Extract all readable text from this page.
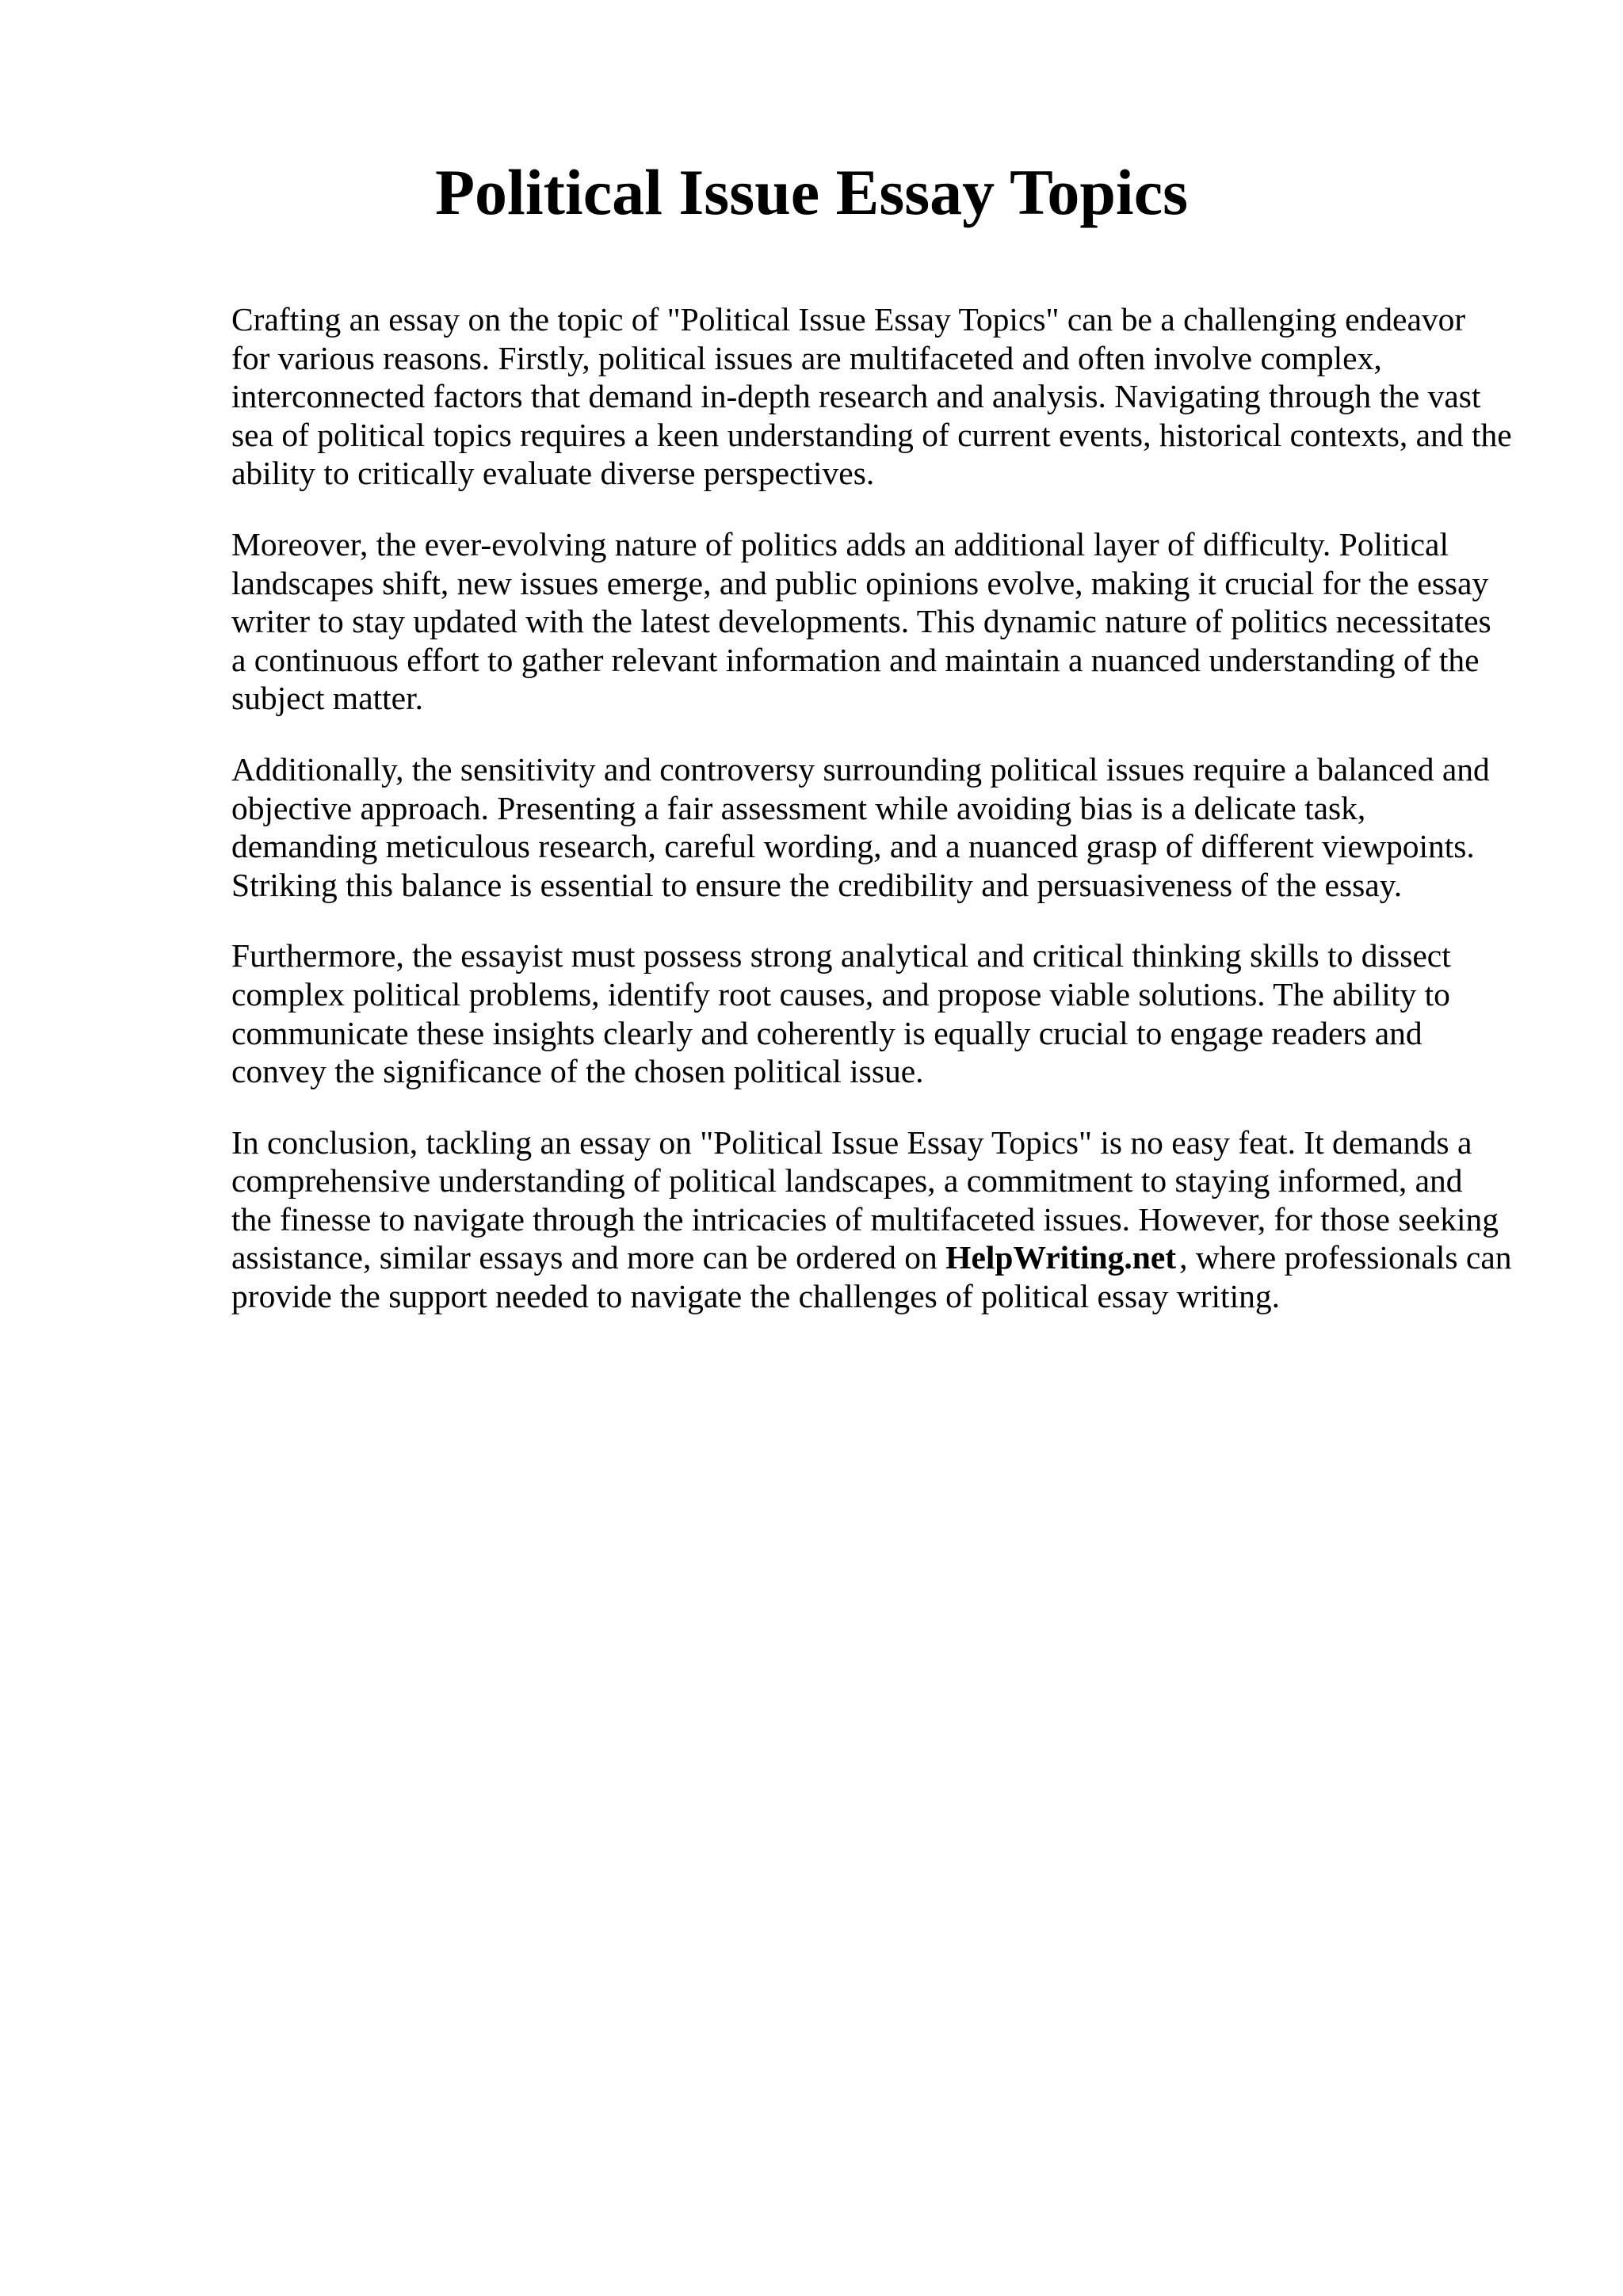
Political Issue Essay Topics

Crafting an essay on the topic of "Political Issue Essay Topics" can be a challenging endeavor
for various reasons. Firstly, political issues are multifaceted and often involve complex,
interconnected factors that demand in-depth research and analysis. Navigating through the vast
sea of political topics requires a keen understanding of current events, historical contexts, and the
ability to critically evaluate diverse perspectives.

Moreover, the ever-evolving nature of politics adds an additional layer of difficulty. Political
landscapes shift, new issues emerge, and public opinions evolve, making it crucial for the essay
writer to stay updated with the latest developments. This dynamic nature of politics necessitates
a continuous effort to gather relevant information and maintain a nuanced understanding of the
subject matter.

Additionally, the sensitivity and controversy surrounding political issues require a balanced and
objective approach. Presenting a fair assessment while avoiding bias is a delicate task,
demanding meticulous research, careful wording, and a nuanced grasp of different viewpoints.
Striking this balance is essential to ensure the credibility and persuasiveness of the essay.

Furthermore, the essayist must possess strong analytical and critical thinking skills to dissect
complex political problems, identify root causes, and propose viable solutions. The ability to
communicate these insights clearly and coherently is equally crucial to engage readers and
convey the significance of the chosen political issue.

In conclusion, tackling an essay on "Political Issue Essay Topics" is no easy feat. It demands a
comprehensive understanding of political landscapes, a commitment to staying informed, and
the finesse to navigate through the intricacies of multifaceted issues. However, for those seeking
assistance, similar essays and more can be ordered on HelpWriting.net, where professionals can
provide the support needed to navigate the challenges of political essay writing.
